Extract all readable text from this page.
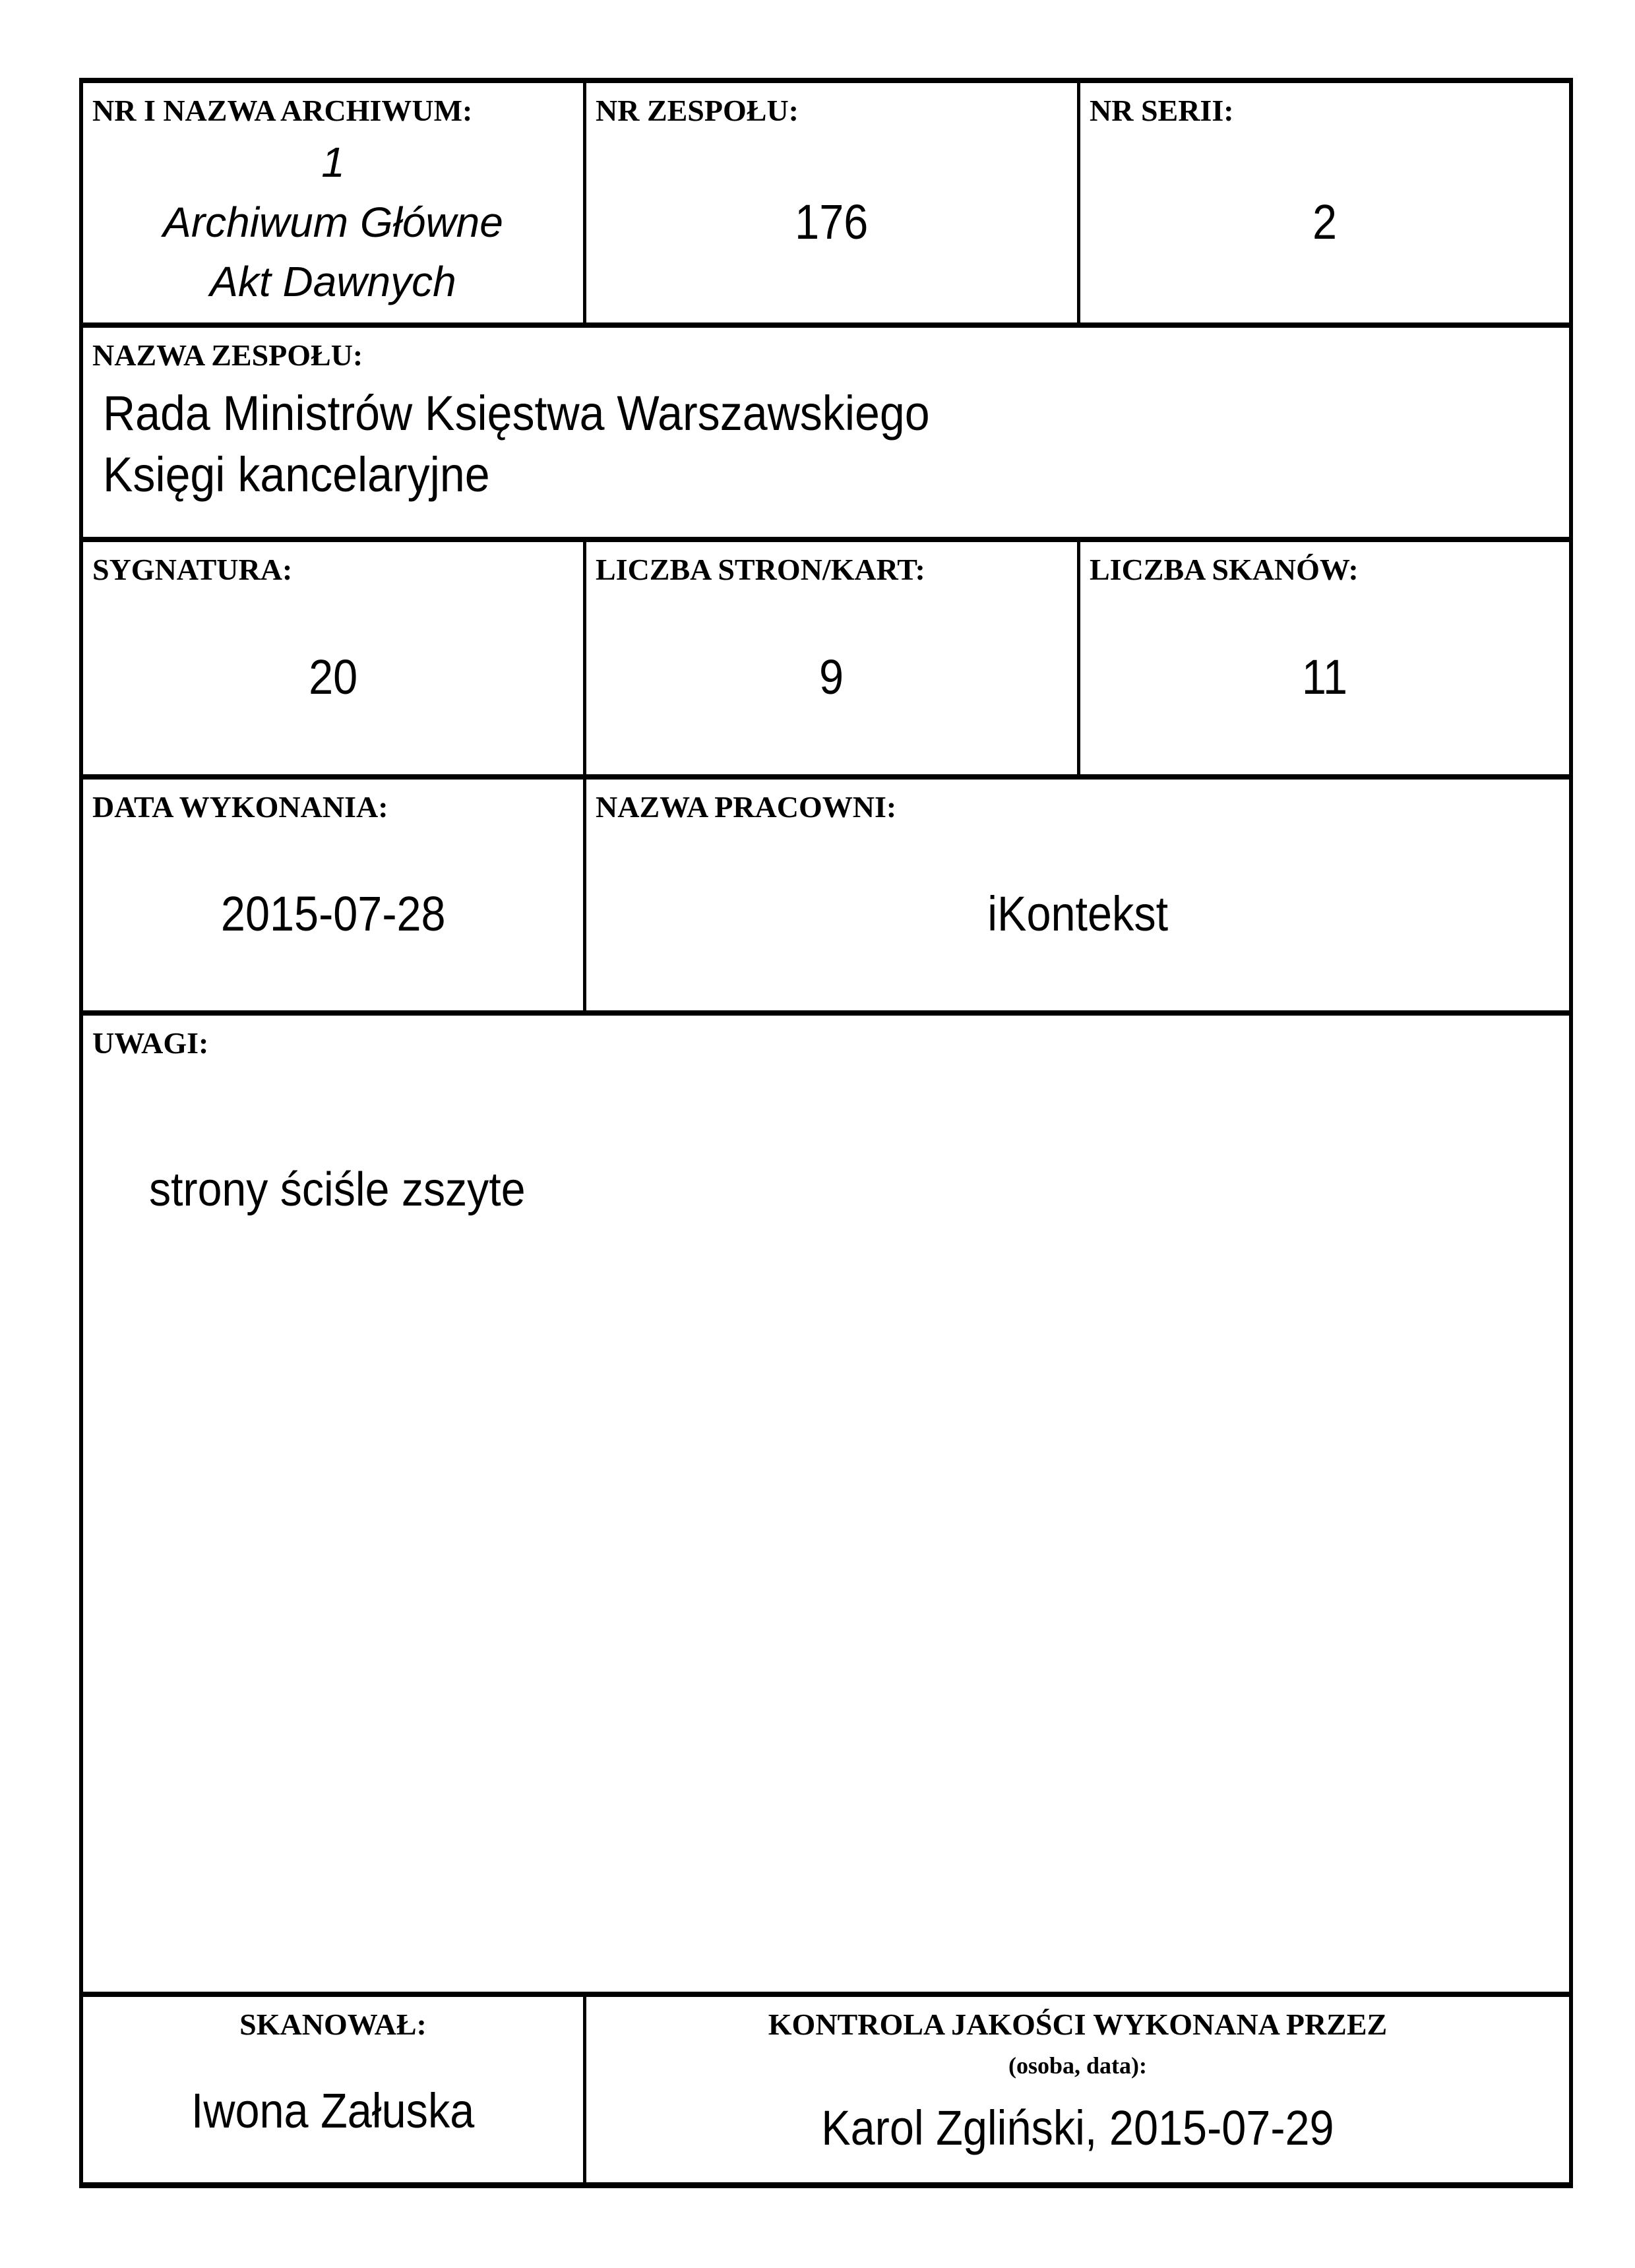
NR I NAZWA ARCHIWUM:
1
Archiwum Główne
Akt Dawnych
NR ZESPOŁU:
176
NR SERII:
2
NAZWA ZESPOŁU:
Rada Ministrów Księstwa Warszawskiego
Księgi kancelaryjne
SYGNATURA:
20
LICZBA STRON/KART:
9
LICZBA SKANÓW:
11
DATA WYKONANIA:
2015-07-28
NAZWA PRACOWNI:
iKontekst
UWAGI:
strony ściśle zszyte
SKANOWAŁ:
Iwona Załuska
KONTROLA JAKOŚCI WYKONANA PRZEZ
(osoba, data):
Karol Zgliński, 2015-07-29
